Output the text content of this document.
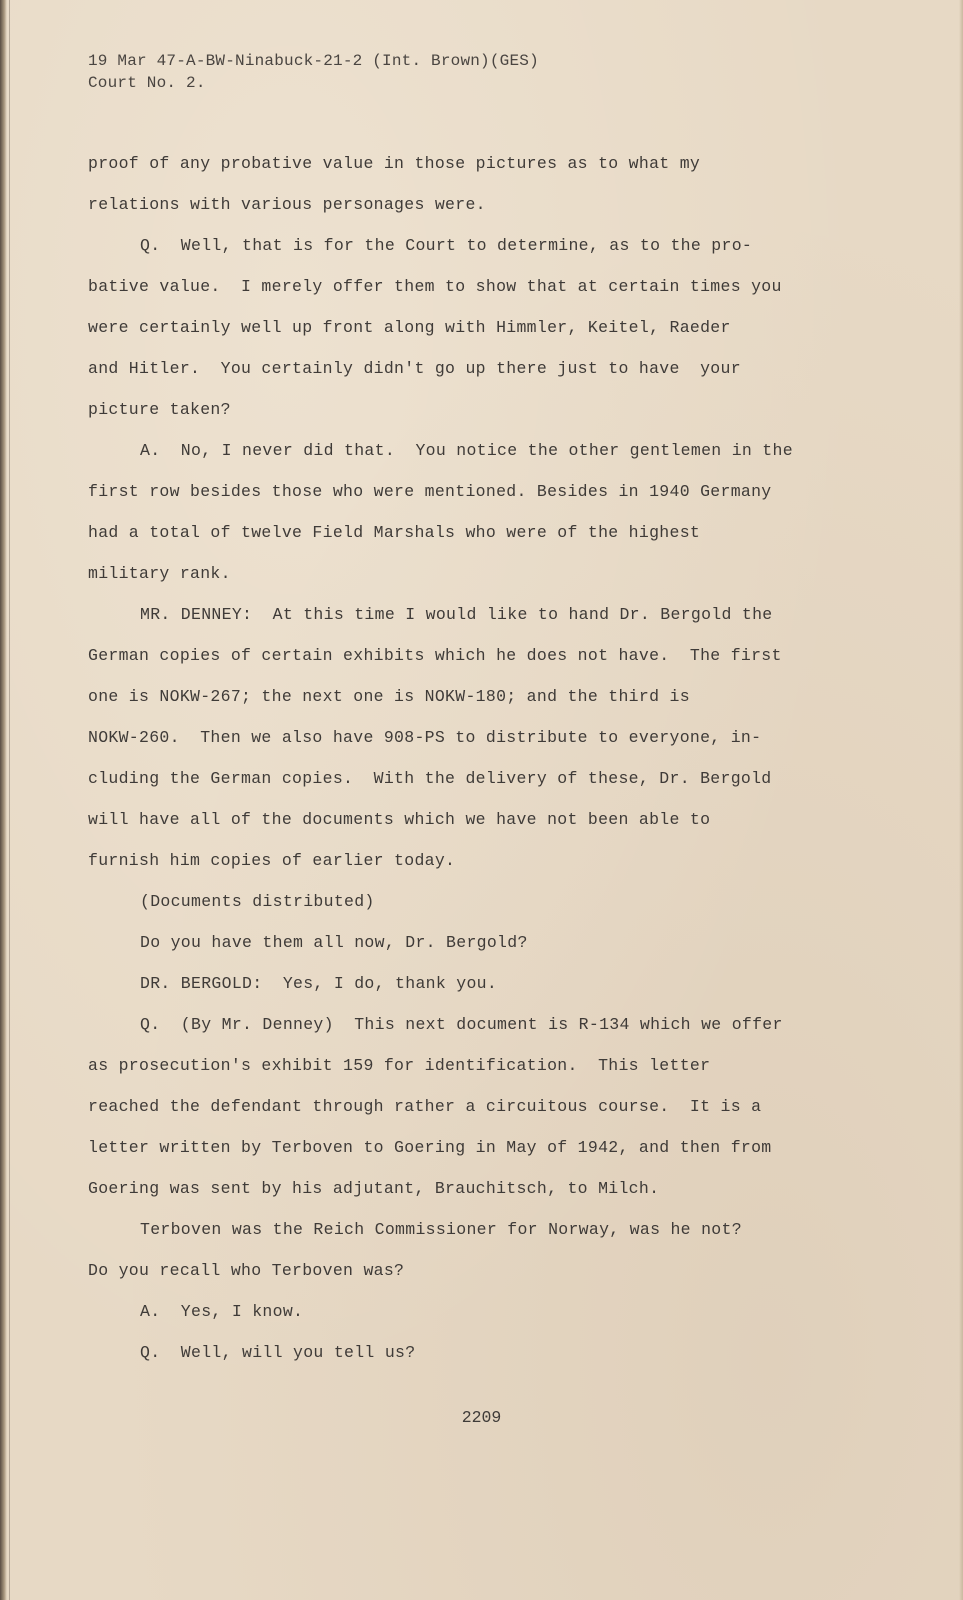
19 Mar 47-A-BW-Ninabuck-21-2 (Int. Brown)(GES)
Court No. 2.
proof of any probative value in those pictures as to what my
relations with various personages were.
Q.  Well, that is for the Court to determine, as to the pro-
bative value.  I merely offer them to show that at certain times you
were certainly well up front along with Himmler, Keitel, Raeder
and Hitler.  You certainly didn't go up there just to have  your
picture taken?
A.  No, I never did that.  You notice the other gentlemen in the
first row besides those who were mentioned. Besides in 1940 Germany
had a total of twelve Field Marshals who were of the highest
military rank.
MR. DENNEY:  At this time I would like to hand Dr. Bergold the
German copies of certain exhibits which he does not have.  The first
one is NOKW-267; the next one is NOKW-180; and the third is
NOKW-260.  Then we also have 908-PS to distribute to everyone, in-
cluding the German copies.  With the delivery of these, Dr. Bergold
will have all of the documents which we have not been able to
furnish him copies of earlier today.
(Documents distributed)
Do you have them all now, Dr. Bergold?
DR. BERGOLD:  Yes, I do, thank you.
Q.  (By Mr. Denney)  This next document is R-134 which we offer
as prosecution's exhibit 159 for identification.  This letter
reached the defendant through rather a circuitous course.  It is a
letter written by Terboven to Goering in May of 1942, and then from
Goering was sent by his adjutant, Brauchitsch, to Milch.
Terboven was the Reich Commissioner for Norway, was he not?
Do you recall who Terboven was?
A.  Yes, I know.
Q.  Well, will you tell us?
2209
